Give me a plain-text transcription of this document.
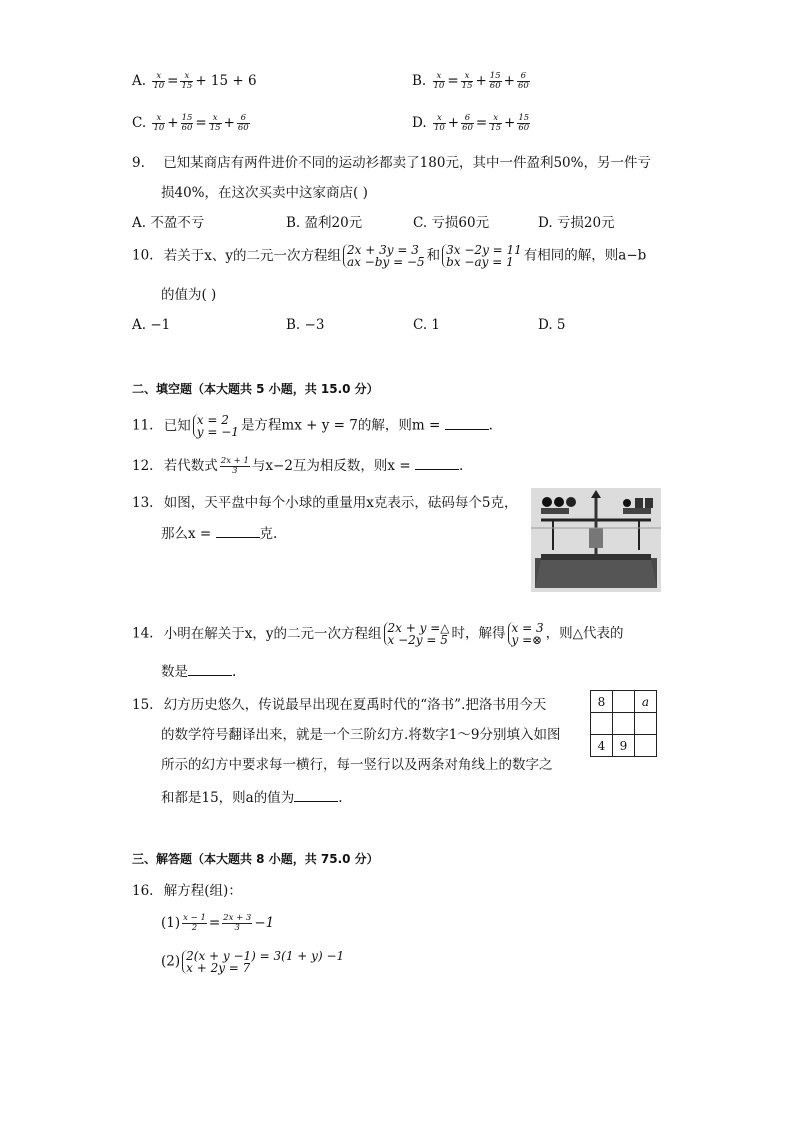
A. $\frac{x}{10} = \frac{x}{15} + 15 + 6$	B. $\frac{x}{10} = \frac{x}{15} + \frac{15}{60} + \frac{6}{60}$
C. $\frac{x}{10} + \frac{15}{60} = \frac{x}{15} + \frac{6}{60}$	D. $\frac{x}{10} + \frac{6}{60} = \frac{x}{15} + \frac{15}{60}$
9. 已知某商店有两件进价不同的运动衫都卖了180元，其中一件盈利50%，另一件亏
损40%，在这次买卖中这家商店( )
A. 不盈不亏	B. 盈利20元	C. 亏损60元	D. 亏损20元
10. 若关于x、y的二元一次方程组 2x + 3y = 3
ax −by = −5 和 3x −2y = 11
bx −ay = 1 有相同的解，则a−b
的值为( )
A. −1	B. −3	C. 1	D. 5
二、填空题（本大题共 5 小题，共 15.0 分）
11. 已知 x = 2
y = −1 是方程mx + y = 7的解，则m =	.
12. 若代数式 $\frac{2x + 1}{3}$ 与x−2互为相反数，则x =	.
13. 如图，天平盘中每个小球的重量用x克表示，砝码每个5克，
那么x =	克.
14. 小明在解关于x，y的二元一次方程组 2x + y =△
x −2y = 5 时，解得 x = 3
y =⊗ ，则△代表的
数是	.
15. 幻方历史悠久，传说最早出现在夏禹时代的“洛书”.把洛书用今天
的数学符号翻译出来，就是一个三阶幻方.将数字1～9分别填入如图
所示的幻方中要求每一横行，每一竖行以及两条对角线上的数字之
和都是15，则a的值为	.
8		a

4	9	
三、解答题（本大题共 8 小题，共 75.0 分）
16. 解方程(组)：
$(1) \frac{x - 1}{2} = \frac{2x + 3}{3} -1$
(2) 2(x + y −1) = 3(1 + y) −1
x + 2y = 7
